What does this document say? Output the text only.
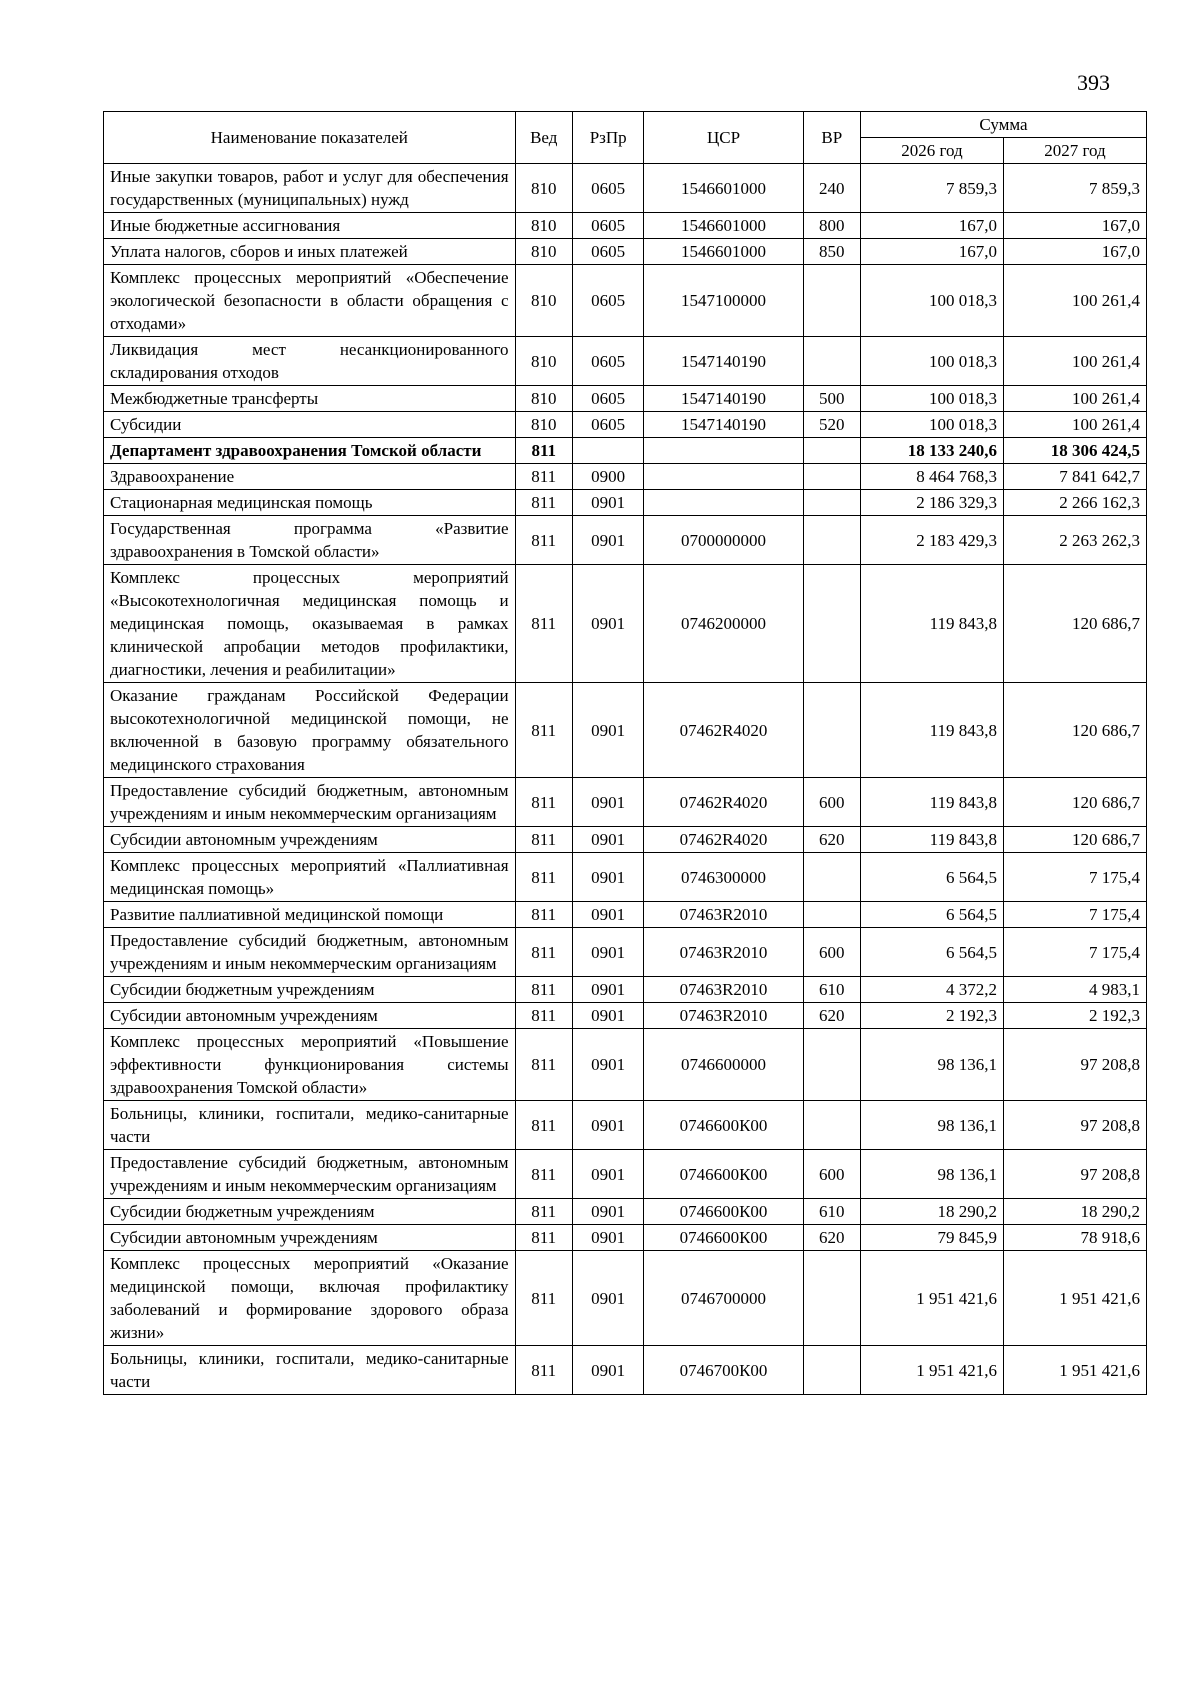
393
Наименование показателей	Вед	РзПр	ЦСР	ВР	Сумма	
					2026 год	2027 год
Иные закупки товаров, работ и услуг для обеспечения государственных (муниципальных) нужд	810	0605	1546601000	240	7 859,3	7 859,3
Иные бюджетные ассигнования	810	0605	1546601000	800	167,0	167,0
Уплата налогов, сборов и иных платежей	810	0605	1546601000	850	167,0	167,0
Комплекс процессных мероприятий «Обеспечение экологической безопасности в области обращения с отходами»	810	0605	1547100000		100 018,3	100 261,4
Ликвидация мест несанкционированного складирования отходов	810	0605	1547140190		100 018,3	100 261,4
Межбюджетные трансферты	810	0605	1547140190	500	100 018,3	100 261,4
Субсидии	810	0605	1547140190	520	100 018,3	100 261,4
Департамент здравоохранения Томской области	811				18 133 240,6	18 306 424,5
Здравоохранение	811	0900			8 464 768,3	7 841 642,7
Стационарная медицинская помощь	811	0901			2 186 329,3	2 266 162,3
Государственная программа «Развитие здравоохранения в Томской области»	811	0901	0700000000		2 183 429,3	2 263 262,3
Комплекс процессных мероприятий «Высокотехнологичная медицинская помощь и медицинская помощь, оказываемая в рамках клинической апробации методов профилактики, диагностики, лечения и реабилитации»	811	0901	0746200000		119 843,8	120 686,7
Оказание гражданам Российской Федерации высокотехнологичной медицинской помощи, не включенной в базовую программу обязательного медицинского страхования	811	0901	07462R4020		119 843,8	120 686,7
Предоставление субсидий бюджетным, автономным учреждениям и иным некоммерческим организациям	811	0901	07462R4020	600	119 843,8	120 686,7
Субсидии автономным учреждениям	811	0901	07462R4020	620	119 843,8	120 686,7
Комплекс процессных мероприятий «Паллиативная медицинская помощь»	811	0901	0746300000		6 564,5	7 175,4
Развитие паллиативной медицинской помощи	811	0901	07463R2010		6 564,5	7 175,4
Предоставление субсидий бюджетным, автономным учреждениям и иным некоммерческим организациям	811	0901	07463R2010	600	6 564,5	7 175,4
Субсидии бюджетным учреждениям	811	0901	07463R2010	610	4 372,2	4 983,1
Субсидии автономным учреждениям	811	0901	07463R2010	620	2 192,3	2 192,3
Комплекс процессных мероприятий «Повышение эффективности функционирования системы здравоохранения Томской области»	811	0901	0746600000		98 136,1	97 208,8
Больницы, клиники, госпитали, медико-санитарные части	811	0901	0746600К00		98 136,1	97 208,8
Предоставление субсидий бюджетным, автономным учреждениям и иным некоммерческим организациям	811	0901	0746600К00	600	98 136,1	97 208,8
Субсидии бюджетным учреждениям	811	0901	0746600К00	610	18 290,2	18 290,2
Субсидии автономным учреждениям	811	0901	0746600К00	620	79 845,9	78 918,6
Комплекс процессных мероприятий «Оказание медицинской помощи, включая профилактику заболеваний и формирование здорового образа жизни»	811	0901	0746700000		1 951 421,6	1 951 421,6
Больницы, клиники, госпитали, медико-санитарные части	811	0901	0746700К00		1 951 421,6	1 951 421,6
